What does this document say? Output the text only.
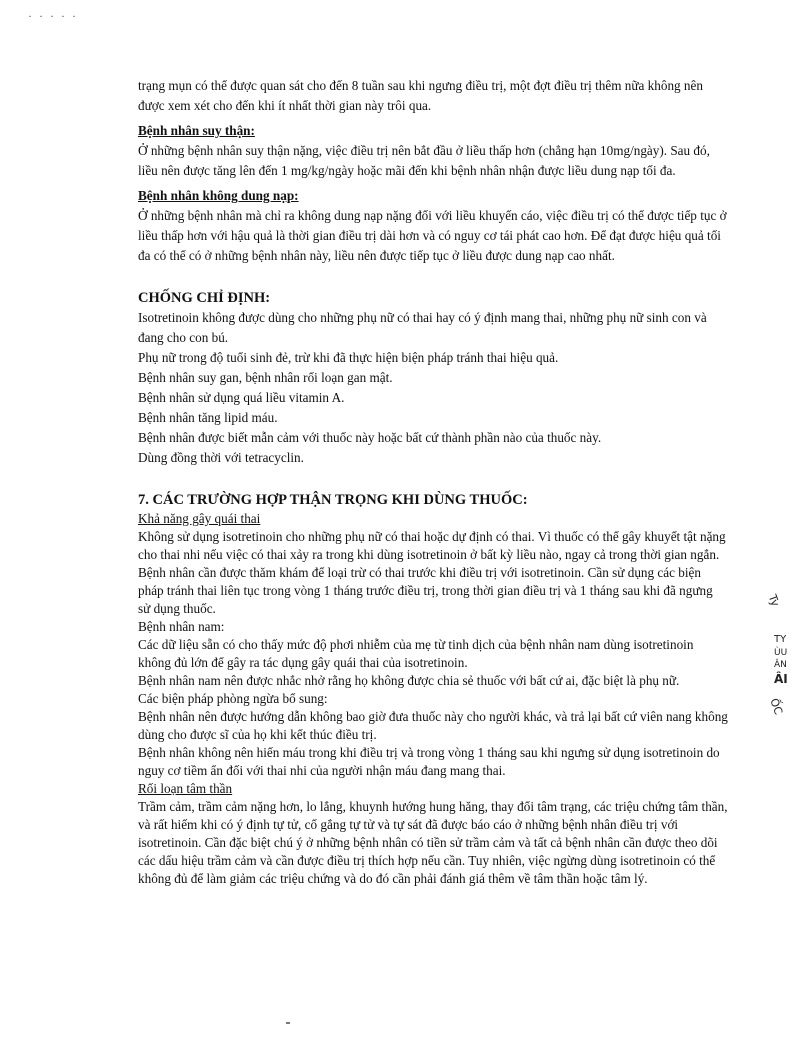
· · · · ·

trạng mụn có thể được quan sát cho đến 8 tuần sau khi ngưng điều trị, một đợt điều trị thêm nữa không nên được xem xét cho đến khi ít nhất thời gian này trôi qua.

Bệnh nhân suy thận:

Ở những bệnh nhân suy thận nặng, việc điều trị nên bắt đầu ở liều thấp hơn (chẳng hạn 10mg/ngày). Sau đó, liều nên được tăng lên đến 1 mg/kg/ngày hoặc mãi đến khi bệnh nhân nhận được liều dung nạp tối đa.

Bệnh nhân không dung nạp:

Ở những bệnh nhân mà chỉ ra không dung nạp nặng đối với liều khuyến cáo, việc điều trị có thể được tiếp tục ở liều thấp hơn với hậu quả là thời gian điều trị dài hơn và có nguy cơ tái phát cao hơn. Để đạt được hiệu quả tối đa có thể có ở những bệnh nhân này, liều nên được tiếp tục ở liều được dung nạp cao nhất.

CHỐNG CHỈ ĐỊNH:

Isotretinoin không được dùng cho những phụ nữ có thai hay có ý định mang thai, những phụ nữ sinh con và đang cho con bú.

Phụ nữ trong độ tuổi sinh đẻ, trừ khi đã thực hiện biện pháp tránh thai hiệu quả.

Bệnh nhân suy gan, bệnh nhân rối loạn gan mật.

Bệnh nhân sử dụng quá liều vitamin A.

Bệnh nhân tăng lipid máu.

Bệnh nhân được biết mẫn cảm với thuốc này hoặc bất cứ thành phần nào của thuốc này.

Dùng đồng thời với tetracyclin.

7. CÁC TRƯỜNG HỢP THẬN TRỌNG KHI DÙNG THUỐC:

Khả năng gây quái thai

Không sử dụng isotretinoin cho những phụ nữ có thai hoặc dự định có thai. Vì thuốc có thể gây khuyết tật nặng cho thai nhi nếu việc có thai xảy ra trong khi dùng isotretinoin ở bất kỳ liều nào, ngay cả trong thời gian ngắn. Bệnh nhân cần được thăm khám để loại trừ có thai trước khi điều trị với isotretinoin. Cần sử dụng các biện pháp tránh thai liên tục trong vòng 1 tháng trước điều trị, trong thời gian điều trị và 1 tháng sau khi đã ngưng sử dụng thuốc.

Bệnh nhân nam:

Các dữ liệu sẵn có cho thấy mức độ phơi nhiễm của mẹ từ tinh dịch của bệnh nhân nam dùng isotretinoin không đủ lớn để gây ra tác dụng gây quái thai của isotretinoin.

Bệnh nhân nam nên được nhắc nhở rằng họ không được chia sẻ thuốc với bất cứ ai, đặc biệt là phụ nữ.

Các biện pháp phòng ngừa bổ sung:

Bệnh nhân nên được hướng dẫn không bao giờ đưa thuốc này cho người khác, và trả lại bất cứ viên nang không dùng cho được sĩ của họ khi kết thúc điều trị.

Bệnh nhân không nên hiến máu trong khi điều trị và trong vòng 1 tháng sau khi ngưng sử dụng isotretinoin do nguy cơ tiềm ẩn đối với thai nhi của người nhận máu đang mang thai.

Rối loạn tâm thần

Trầm cảm, trầm cảm nặng hơn, lo lắng, khuynh hướng hung hăng, thay đổi tâm trạng, các triệu chứng tâm thần, và rất hiếm khi có ý định tự tử, cố gắng tự tử và tự sát đã được báo cáo ở những bệnh nhân điều trị với isotretinoin. Cần đặc biệt chú ý ở những bệnh nhân có tiền sử trầm cảm và tất cả bệnh nhân cần được theo dõi các dấu hiệu trầm cảm và cần được điều trị thích hợp nếu cần. Tuy nhiên, việc ngừng dùng isotretinoin có thể không đủ để làm giảm các triệu chứng và do đó cần phải đánh giá thêm về tâm thần hoặc tâm lý.

Ty
TY
ÙU
ÂN
ÂI
ỐC
